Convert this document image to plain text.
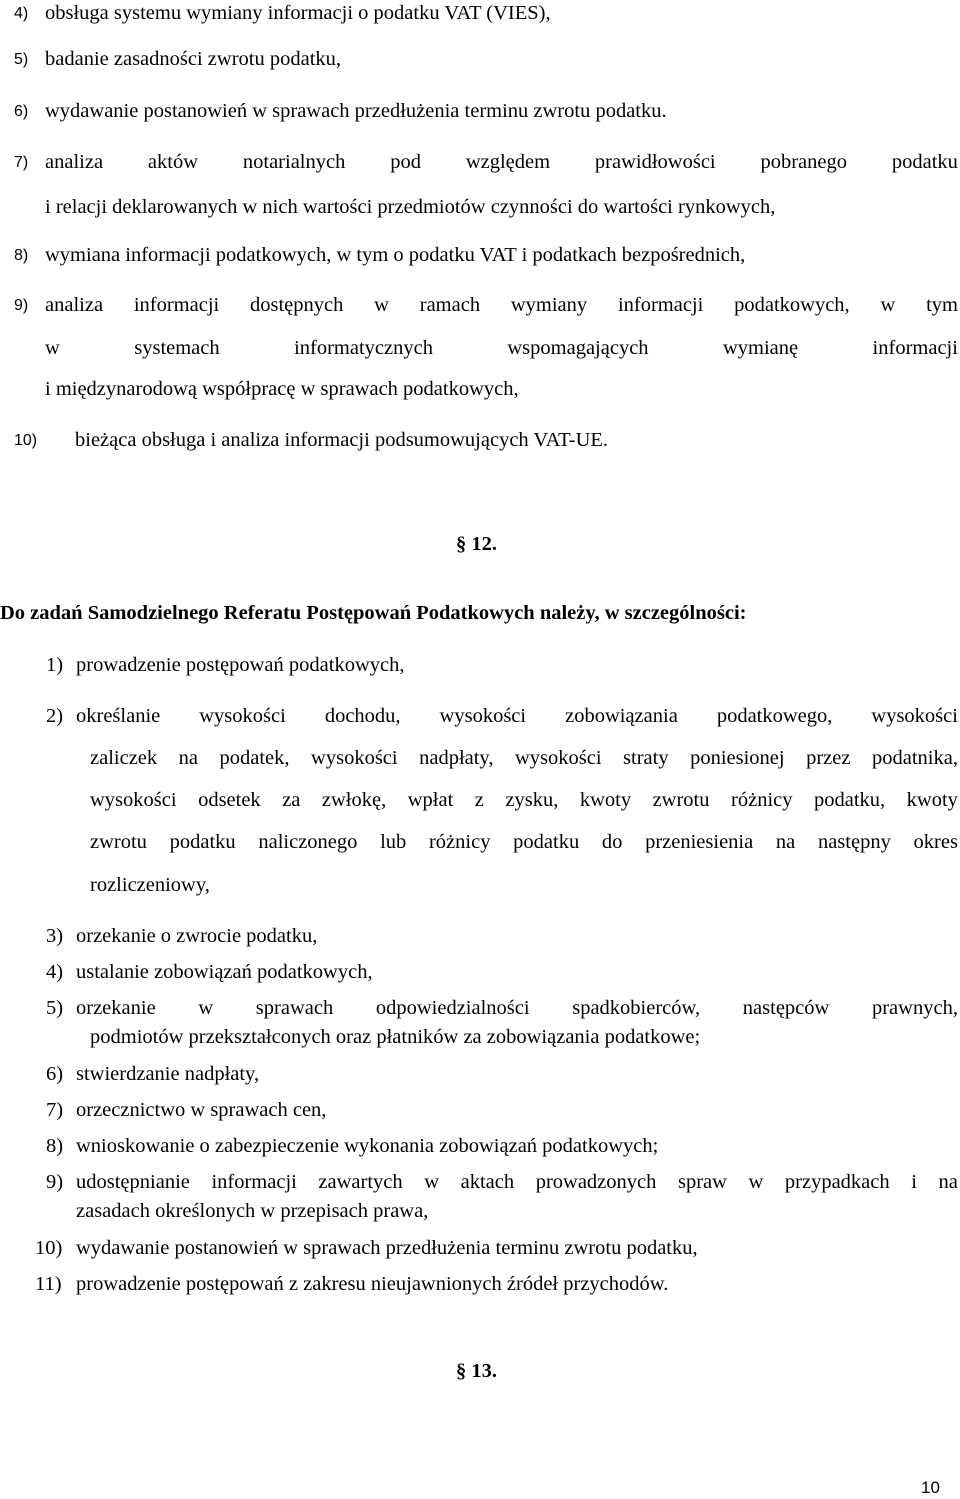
4) obsługa systemu wymiany informacji o podatku VAT (VIES),
5) badanie zasadności zwrotu podatku,
6) wydawanie postanowień w sprawach przedłużenia terminu zwrotu podatku.
7) analiza aktów notarialnych pod względem prawidłowości pobranego podatku
i relacji deklarowanych w nich wartości przedmiotów czynności do wartości rynkowych,
8) wymiana informacji podatkowych, w tym o podatku VAT i podatkach bezpośrednich,
9) analiza informacji dostępnych w ramach wymiany informacji podatkowych, w tym
w	systemach	informatycznych	wspomagających	wymianę	informacji
i międzynarodową współpracę w sprawach podatkowych,
10) bieżąca obsługa i analiza informacji podsumowujących VAT-UE.
§ 12.
Do zadań Samodzielnego Referatu Postępowań Podatkowych należy, w szczególności:
1) prowadzenie postępowań podatkowych,
2) określanie wysokości dochodu, wysokości zobowiązania podatkowego, wysokości
zaliczek na podatek, wysokości nadpłaty, wysokości straty poniesionej przez podatnika,
wysokości odsetek za zwłokę, wpłat z zysku, kwoty zwrotu różnicy podatku, kwoty
zwrotu podatku naliczonego lub różnicy podatku do przeniesienia na następny okres
rozliczeniowy,
3) orzekanie o zwrocie podatku,
4) ustalanie zobowiązań podatkowych,
5) orzekanie w sprawach odpowiedzialności spadkobierców, następców prawnych,
podmiotów przekształconych oraz płatników za zobowiązania podatkowe;
6) stwierdzanie nadpłaty,
7) orzecznictwo w sprawach cen,
8) wnioskowanie o zabezpieczenie wykonania zobowiązań podatkowych;
9) udostępnianie informacji zawartych w aktach prowadzonych spraw w przypadkach i na
zasadach określonych w przepisach prawa,
10) wydawanie postanowień w sprawach przedłużenia terminu zwrotu podatku,
11) prowadzenie postępowań z zakresu nieujawnionych źródeł przychodów.
§ 13.
10
